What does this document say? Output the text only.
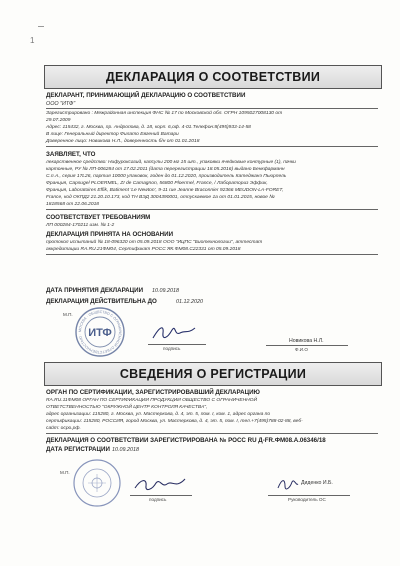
1
ДЕКЛАРАЦИЯ О СООТВЕТСТВИИ
ДЕКЛАРАНТ, ПРИНИМАЮЩИЙ ДЕКЛАРАЦИЮ О СООТВЕТСТВИИ
ООО "ИТФ"
Зарегистрировано : Межрайонная инспекция ФНС № 17 по Московской обл. ОГРН 1095027008130 от
29.07.2009
Адрес: 115432, г. Москва, пр. Андропова, д. 18, корп. 6,оф. 4-01.Телефон:8(495)933-14-58
В лице: Генеральный директор Филато Евгений Ватари
Доверенное лицо: Новикова Н.Л., доверенность б/н от 01.01.2018
ЗАЯВЛЯЕТ, ЧТО
лекарственное средство: Нифуроксазид, капсулы 200 мг 15 шт., упаковки ячейковые контурные (1), пачки
картонные, РУ № ЛП-006284 от 17.02.2011 (дата перерегистрации 18.05.2016) выдано Бенкфарманн
С.п.А., серия 17L26, партия 10000 упаковок, годен до 01.12.2020, производитель Катеджанэ Пьюрпель
Франция, Capsugel PLOERMEL, ZI de Camagnon, 56800 Ploermel, France, / Лабораториз Эффик,
Франция, Laboratoires Effik, Batiment 'Le Newton', 9-11 rue Jeanne Braconnier 92366 MEUDON-LA-FORET,
France, код ОКПД2 21.20.10.173, код ТН ВЭД 3004390001, отпускаемое 1а от 01.01.2015, новое №
1818568 от 22.06.2018
СООТВЕТСТВУЕТ ТРЕБОВАНИЯМ
ЛП 000284-170211 изм. № 1-2
ДЕКЛАРАЦИЯ ПРИНЯТА НА ОСНОВАНИИ
протокол испытаний № 18-096320 от 05.09.2018 ООО "ИЦПС "Биотехнологии", аттестат
аккредитации RA.RU.21ФМ04, Сертификат РОСС ЯК.ФМ08.С22331 от 05.09.2018
ДАТА ПРИНЯТИЯ ДЕКЛАРАЦИИ 10.09.2018
ДЕКЛАРАЦИЯ ДЕЙСТВИТЕЛЬНА ДО	01.12.2020
М.П.
МОСКВА · ОБЩЕСТВО С ОГРАНИЧЕННОЙ ОТВЕТСТВЕННОСТЬЮ · ИТФ
подпись
Новикова Н.Л.
Ф.И.О
СВЕДЕНИЯ О РЕГИСТРАЦИИ
ОРГАН ПО СЕРТИФИКАЦИИ, ЗАРЕГИСТРИРОВАВШИЙ ДЕКЛАРАЦИЮ
RA.RU.11ФМ08 ОРГАН ПО СЕРТИФИКАЦИИ ПРОДУКЦИИ ОБЩЕСТВО С ОГРАНИЧЕННОЙ
ОТВЕТСТВЕННОСТЬЮ "ОКРУЖНОЙ ЦЕНТР КОНТРОЛЯ КАЧЕСТВА",
адрес организации: 115280, г. Москва, ул. Мастеркова, д. 4, эт. 5, пом. I, ком. 1, адрес органа по
сертификации: 115280, РОССИЯ, город Москва, ул. Мастеркова, д. 4, эт. 5, пом. I, тел.+7(495)788-02-88, веб-
сайт: ocpo.рф.
ДЕКЛАРАЦИЯ О СООТВЕТСТВИИ ЗАРЕГИСТРИРОВАНА № РОСС RU Д-FR.ФМ08.А.06346/18
ДАТА РЕГИСТРАЦИИ 10.09.2018
М.П.
подпись
Диденко И.Б.
Руководитель ОС
